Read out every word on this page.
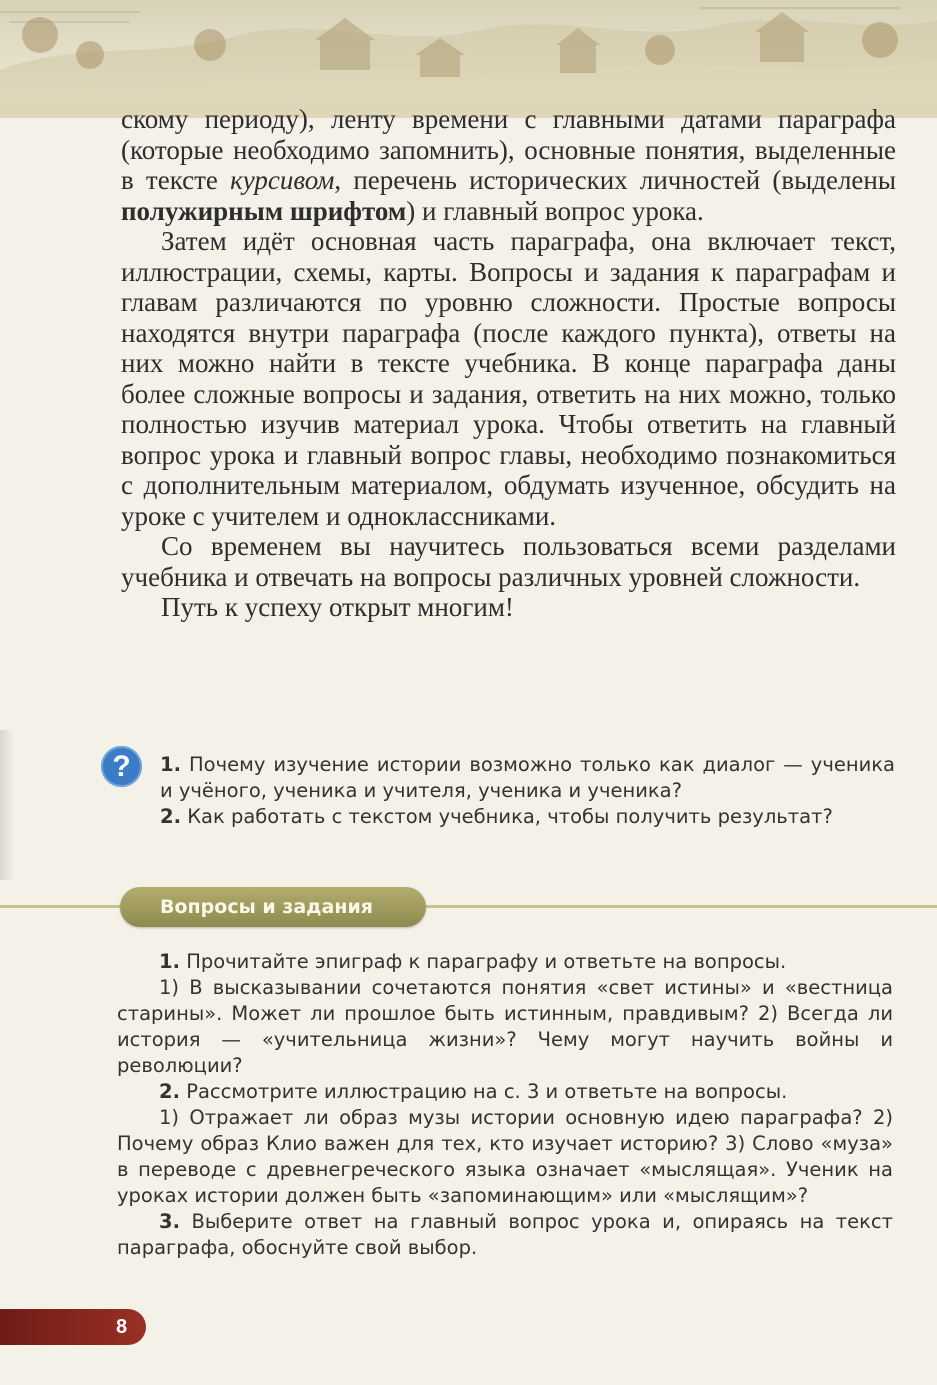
скому периоду), ленту времени с главными датами параграфа (которые необходимо запомнить), основные понятия, выделенные в тексте курсивом, перечень исторических личностей (выделены полужирным шрифтом) и главный вопрос урока.

Затем идёт основная часть параграфа, она включает текст, иллюстрации, схемы, карты. Вопросы и задания к параграфам и главам различаются по уровню сложности. Простые вопросы находятся внутри параграфа (после каждого пункта), ответы на них можно найти в тексте учебника. В конце параграфа даны более сложные вопросы и задания, ответить на них можно, только полностью изучив материал урока. Чтобы ответить на главный вопрос урока и главный вопрос главы, необходимо познакомиться с дополнительным материалом, обдумать изученное, обсудить на уроке с учителем и одноклассниками.

Со временем вы научитесь пользоваться всеми разделами учебника и отвечать на вопросы различных уровней сложности.

Путь к успеху открыт многим!

?	1. Почему изучение истории возможно только как диалог — ученика и учёного, ученика и учителя, ученика и ученика?

2. Как работать с текстом учебника, чтобы получить результат?

Вопросы и задания

1. Прочитайте эпиграф к параграфу и ответьте на вопросы.

1) В высказывании сочетаются понятия «свет истины» и «вестница старины». Может ли прошлое быть истинным, правдивым? 2) Всегда ли история — «учительница жизни»? Чему могут научить войны и революции?

2. Рассмотрите иллюстрацию на с. 3 и ответьте на вопросы.

1) Отражает ли образ музы истории основную идею параграфа? 2) Почему образ Клио важен для тех, кто изучает историю? 3) Слово «муза» в переводе с древнегреческого языка означает «мыслящая». Ученик на уроках истории должен быть «запоминающим» или «мыслящим»?

3. Выберите ответ на главный вопрос урока и, опираясь на текст параграфа, обоснуйте свой выбор.

8
